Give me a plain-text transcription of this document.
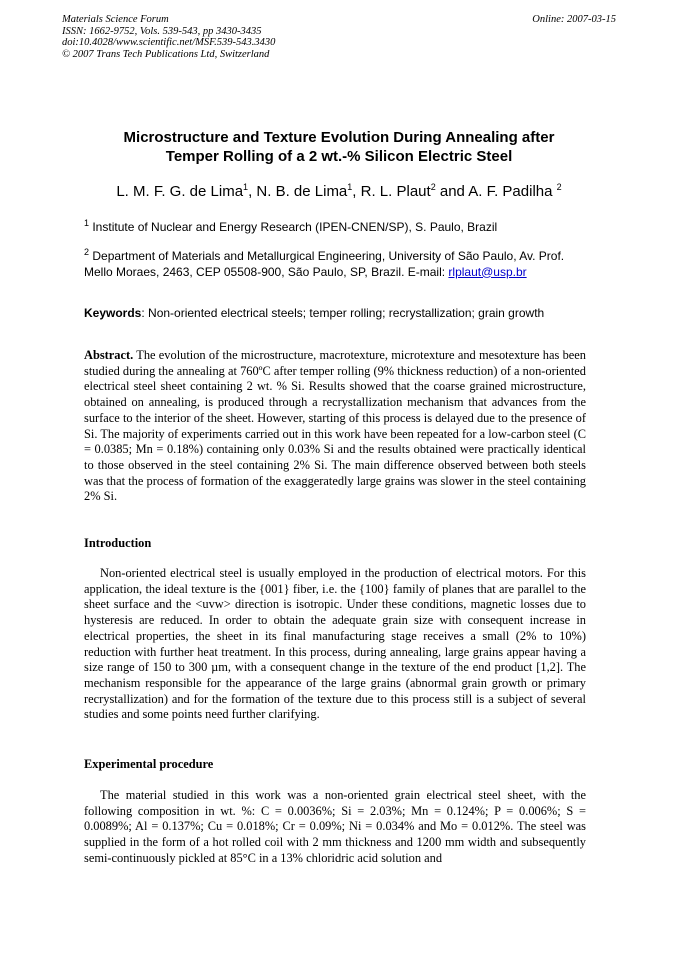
Materials Science Forum
ISSN: 1662-9752, Vols. 539-543, pp 3430-3435
doi:10.4028/www.scientific.net/MSF.539-543.3430
© 2007 Trans Tech Publications Ltd, Switzerland
Online: 2007-03-15
Microstructure and Texture Evolution During Annealing after
Temper Rolling of a 2 wt.-% Silicon Electric Steel
L. M. F. G. de Lima$^1$, N. B. de Lima$^1$, R. L. Plaut$^2$ and A. F. Padilha $^2$
$^1$ Institute of Nuclear and Energy Research (IPEN-CNEN/SP), S. Paulo, Brazil
$^2$ Department of Materials and Metallurgical Engineering, University of São Paulo, Av. Prof. Mello Moraes, 2463, CEP 05508-900, São Paulo, SP, Brazil. E-mail: rlplaut@usp.br
Keywords: Non-oriented electrical steels; temper rolling; recrystallization; grain growth
Abstract. The evolution of the microstructure, macrotexture, microtexture and mesotexture has been studied during the annealing at 760ºC after temper rolling (9% thickness reduction) of a non-oriented electrical steel sheet containing 2 wt. % Si. Results showed that the coarse grained microstructure, obtained on annealing, is produced through a recrystallization mechanism that advances from the surface to the interior of the sheet. However, starting of this process is delayed due to the presence of Si. The majority of experiments carried out in this work have been repeated for a low-carbon steel (C = 0.0385; Mn = 0.18%) containing only 0.03% Si and the results obtained were practically identical to those observed in the steel containing 2% Si. The main difference observed between both steels was that the process of formation of the exaggeratedly large grains was slower in the steel containing 2% Si.
Introduction
Non-oriented electrical steel is usually employed in the production of electrical motors. For this application, the ideal texture is the {001} fiber, i.e. the {100} family of planes that are parallel to the sheet surface and the <uvw> direction is isotropic. Under these conditions, magnetic losses due to hysteresis are reduced. In order to obtain the adequate grain size with consequent increase in electrical properties, the sheet in its final manufacturing stage receives a small (2% to 10%) reduction with further heat treatment. In this process, during annealing, large grains appear having a size range of 150 to 300 µm, with a consequent change in the texture of the end product [1,2]. The mechanism responsible for the appearance of the large grains (abnormal grain growth or primary recrystallization) and for the formation of the texture due to this process still is a subject of several studies and some points need further clarifying.
Experimental procedure
The material studied in this work was a non-oriented grain electrical steel sheet, with the following composition in wt. %: C = 0.0036%; Si = 2.03%; Mn = 0.124%; P = 0.006%; S = 0.0089%; Al = 0.137%; Cu = 0.018%; Cr = 0.09%; Ni = 0.034% and Mo = 0.012%. The steel was supplied in the form of a hot rolled coil with 2 mm thickness and 1200 mm width and subsequently semi-continuously pickled at 85°C in a 13% chloridric acid solution and
